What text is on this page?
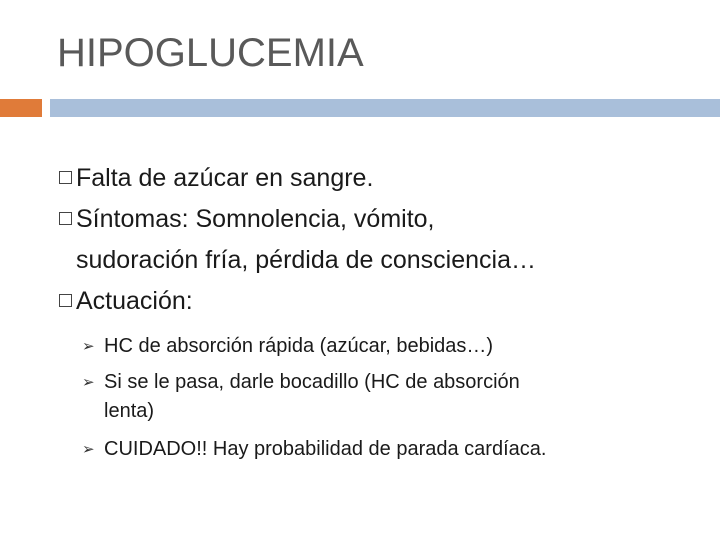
HIPOGLUCEMIA
Falta de azúcar en sangre.
Síntomas: Somnolencia, vómito,
sudoración fría, pérdida de consciencia…
Actuación:
➢ HC de absorción rápida (azúcar, bebidas…)
➢ Si se le pasa, darle bocadillo (HC de absorción
lenta)
➢ CUIDADO!! Hay probabilidad de parada cardíaca.
